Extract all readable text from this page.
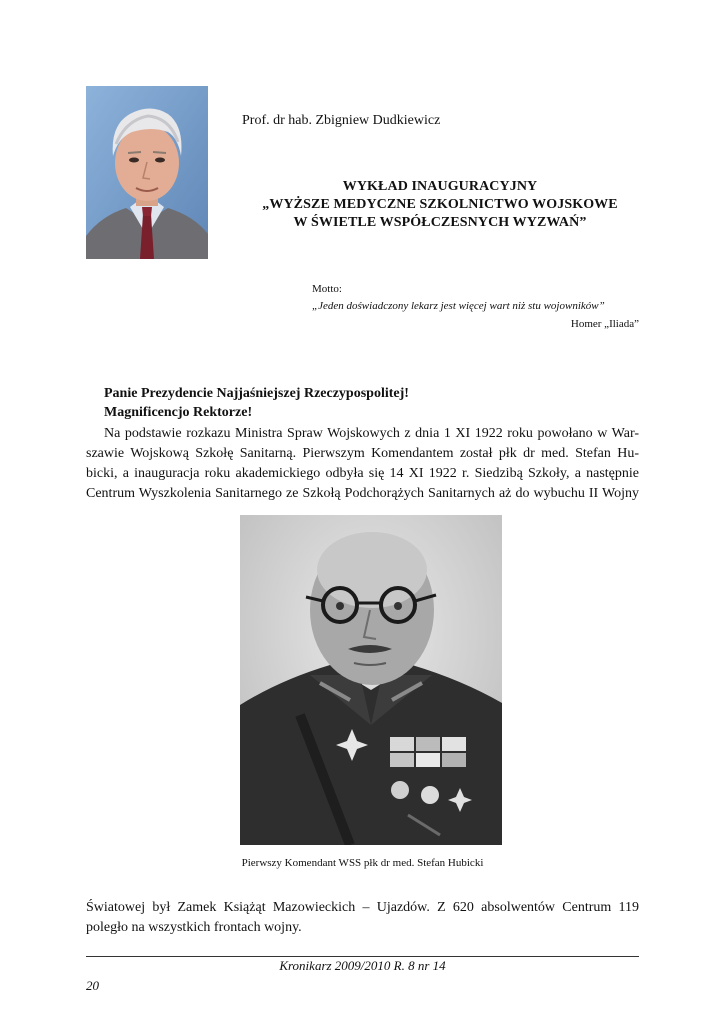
Prof. dr hab. Zbigniew Dudkiewicz
WYKŁAD INAUGURACYJNY
„WYŻSZE MEDYCZNE SZKOLNICTWO WOJSKOWE
W ŚWIETLE WSPÓŁCZESNYCH WYZWAŃ”
Motto:
„Jeden doświadczony lekarz jest więcej wart niż stu wojowników”
Homer „Iliada”
Panie Prezydencie Najjaśniejszej Rzeczypospolitej!
Magnificencjo Rektorze!
Na podstawie rozkazu Ministra Spraw Wojskowych z dnia 1 XI 1922 roku powołano w War-
szawie Wojskową Szkołę Sanitarną. Pierwszym Komendantem został płk dr med. Stefan Hu-
bicki, a inauguracja roku akademickiego odbyła się 14 XI 1922 r. Siedzibą Szkoły, a następnie
Centrum Wyszkolenia Sanitarnego ze Szkołą Podchorążych Sanitarnych aż do wybuchu II Wojny
Pierwszy Komendant WSS płk dr med. Stefan Hubicki
Światowej był Zamek Książąt Mazowieckich – Ujazdów. Z 620 absolwentów Centrum 119
poległo na wszystkich frontach wojny.
Kronikarz 2009/2010 R. 8 nr 14
20
